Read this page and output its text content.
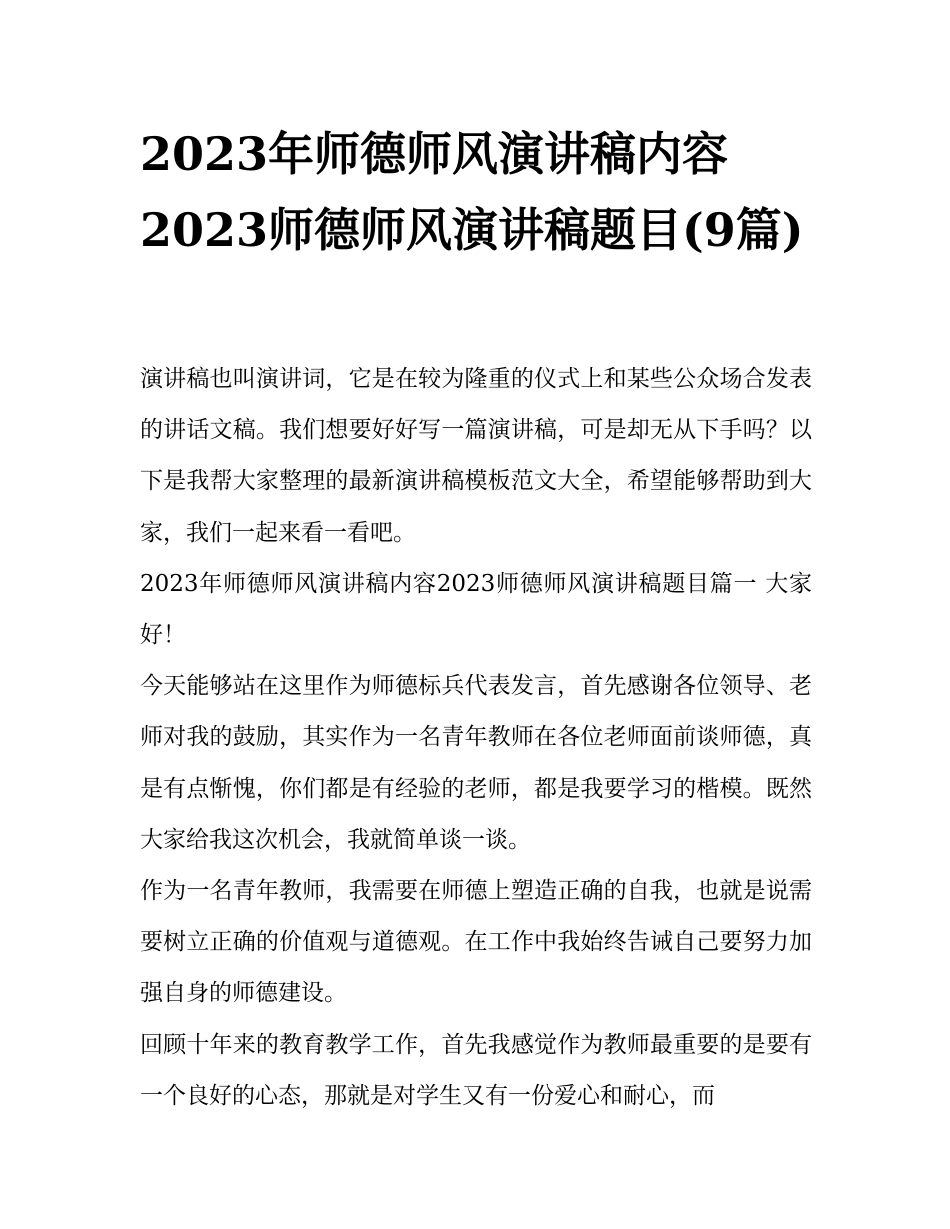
2023年师德师风演讲稿内容2023师德师风演讲稿题目(9篇)

演讲稿也叫演讲词，它是在较为隆重的仪式上和某些公众场合发表的讲话文稿。我们想要好好写一篇演讲稿，可是却无从下手吗？以下是我帮大家整理的最新演讲稿模板范文大全，希望能够帮助到大家，我们一起来看一看吧。

2023年师德师风演讲稿内容2023师德师风演讲稿题目篇一 大家好！

今天能够站在这里作为师德标兵代表发言，首先感谢各位领导、老师对我的鼓励，其实作为一名青年教师在各位老师面前谈师德，真是有点惭愧，你们都是有经验的老师，都是我要学习的楷模。既然大家给我这次机会，我就简单谈一谈。

作为一名青年教师，我需要在师德上塑造正确的自我，也就是说需要树立正确的价值观与道德观。在工作中我始终告诫自己要努力加强自身的师德建设。

回顾十年来的教育教学工作，首先我感觉作为教师最重要的是要有一个良好的心态，那就是对学生又有一份爱心和耐心，而
